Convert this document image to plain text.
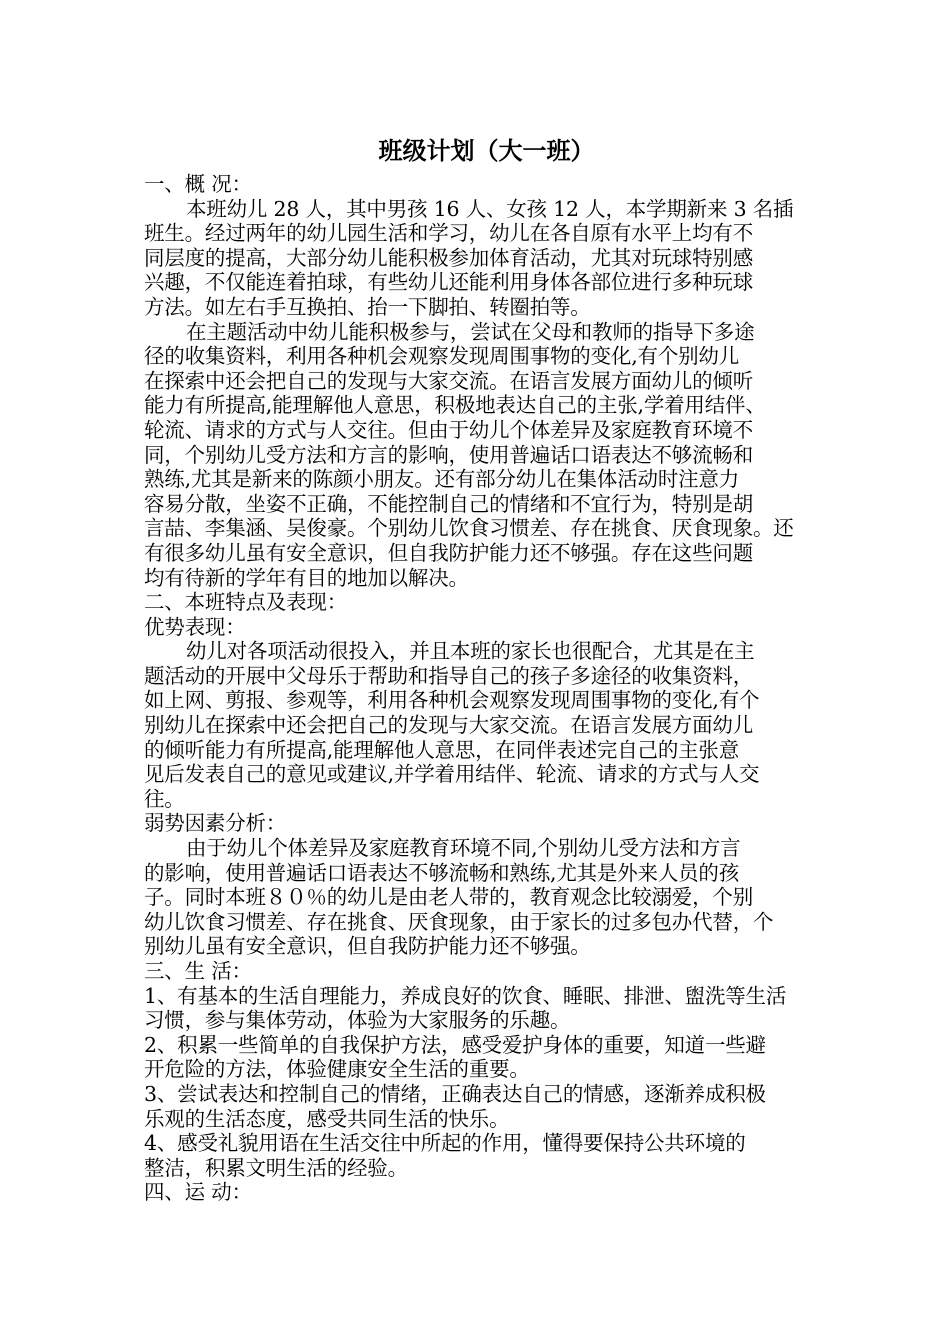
班级计划（大一班）

一、概 况：

本班幼儿 28 人，其中男孩 16 人、女孩 12 人，本学期新来 3 名插

班生。经过两年的幼儿园生活和学习，幼儿在各自原有水平上均有不

同层度的提高，大部分幼儿能积极参加体育活动，尤其对玩球特别感

兴趣，不仅能连着拍球，有些幼儿还能利用身体各部位进行多种玩球

方法。如左右手互换拍、抬一下脚拍、转圈拍等。

在主题活动中幼儿能积极参与，尝试在父母和教师的指导下多途

径的收集资料，利用各种机会观察发现周围事物的变化,有个别幼儿

在探索中还会把自己的发现与大家交流。在语言发展方面幼儿的倾听

能力有所提高,能理解他人意思，积极地表达自己的主张,学着用结伴、

轮流、请求的方式与人交往。但由于幼儿个体差异及家庭教育环境不

同，个别幼儿受方法和方言的影响，使用普遍话口语表达不够流畅和

熟练,尤其是新来的陈颜小朋友。还有部分幼儿在集体活动时注意力

容易分散，坐姿不正确，不能控制自己的情绪和不宜行为，特别是胡

言喆、李集涵、吴俊豪。个别幼儿饮食习惯差、存在挑食、厌食现象。还

有很多幼儿虽有安全意识，但自我防护能力还不够强。存在这些问题

均有待新的学年有目的地加以解决。

二、本班特点及表现：

优势表现：

幼儿对各项活动很投入，并且本班的家长也很配合，尤其是在主

题活动的开展中父母乐于帮助和指导自己的孩子多途径的收集资料，

如上网、剪报、参观等，利用各种机会观察发现周围事物的变化,有个

别幼儿在探索中还会把自己的发现与大家交流。在语言发展方面幼儿

的倾听能力有所提高,能理解他人意思，在同伴表述完自己的主张意

见后发表自己的意见或建议,并学着用结伴、轮流、请求的方式与人交

往。

弱势因素分析：

由于幼儿个体差异及家庭教育环境不同,个别幼儿受方法和方言

的影响，使用普遍话口语表达不够流畅和熟练,尤其是外来人员的孩

子。同时本班８０％的幼儿是由老人带的，教育观念比较溺爱，个别

幼儿饮食习惯差、存在挑食、厌食现象，由于家长的过多包办代替，个

别幼儿虽有安全意识，但自我防护能力还不够强。

三、生 活：

1、有基本的生活自理能力，养成良好的饮食、睡眠、排泄、盥洗等生活

习惯，参与集体劳动，体验为大家服务的乐趣。

2、积累一些简单的自我保护方法，感受爱护身体的重要，知道一些避

开危险的方法，体验健康安全生活的重要。

3、尝试表达和控制自己的情绪，正确表达自己的情感，逐渐养成积极

乐观的生活态度，感受共同生活的快乐。

4、感受礼貌用语在生活交往中所起的作用，懂得要保持公共环境的

整洁，积累文明生活的经验。

四、运 动：
